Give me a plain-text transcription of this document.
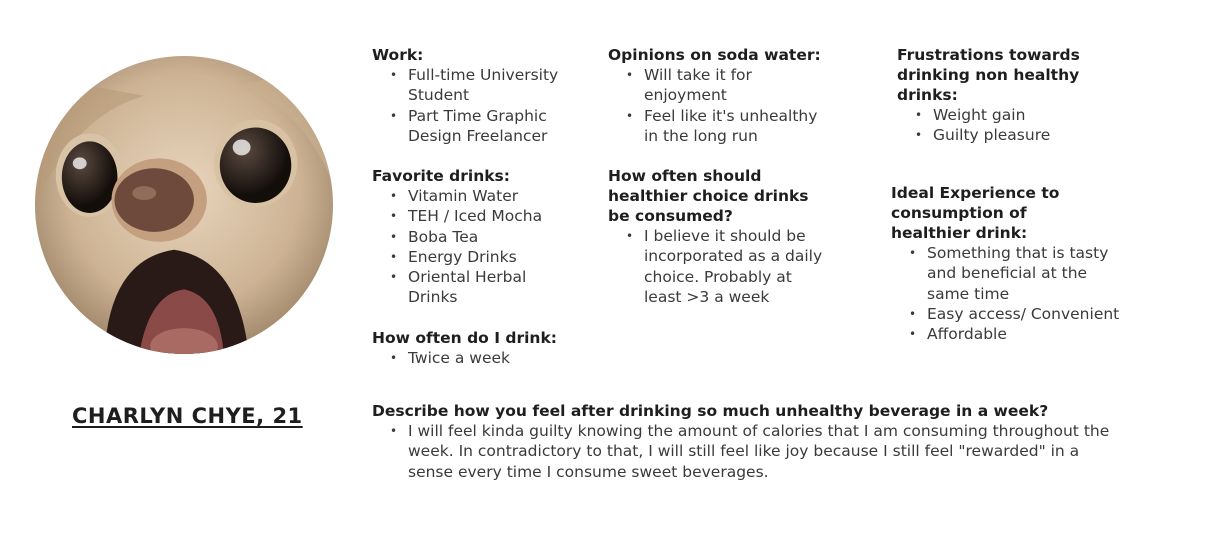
CHARLYN CHYE, 21
Work:
• Full-time University Student
• Part Time Graphic Design Freelancer
Favorite drinks:
• Vitamin Water
• TEH / Iced Mocha
• Boba Tea
• Energy Drinks
• Oriental Herbal Drinks
How often do I drink:
• Twice a week
Opinions on soda water:
• Will take it for enjoyment
• Feel like it's unhealthy in the long run
How often should healthier choice drinks be consumed?
• I believe it should be incorporated as a daily choice. Probably at least >3 a week
Frustrations towards drinking non healthy drinks:
• Weight gain
• Guilty pleasure
Ideal Experience to consumption of healthier drink:
• Something that is tasty and beneficial at the same time
• Easy access/ Convenient
• Affordable
Describe how you feel after drinking so much unhealthy beverage in a week?
• I will feel kinda guilty knowing the amount of calories that I am consuming throughout the week. In contradictory to that, I will still feel like joy because I still feel "rewarded" in a sense every time I consume sweet beverages.
